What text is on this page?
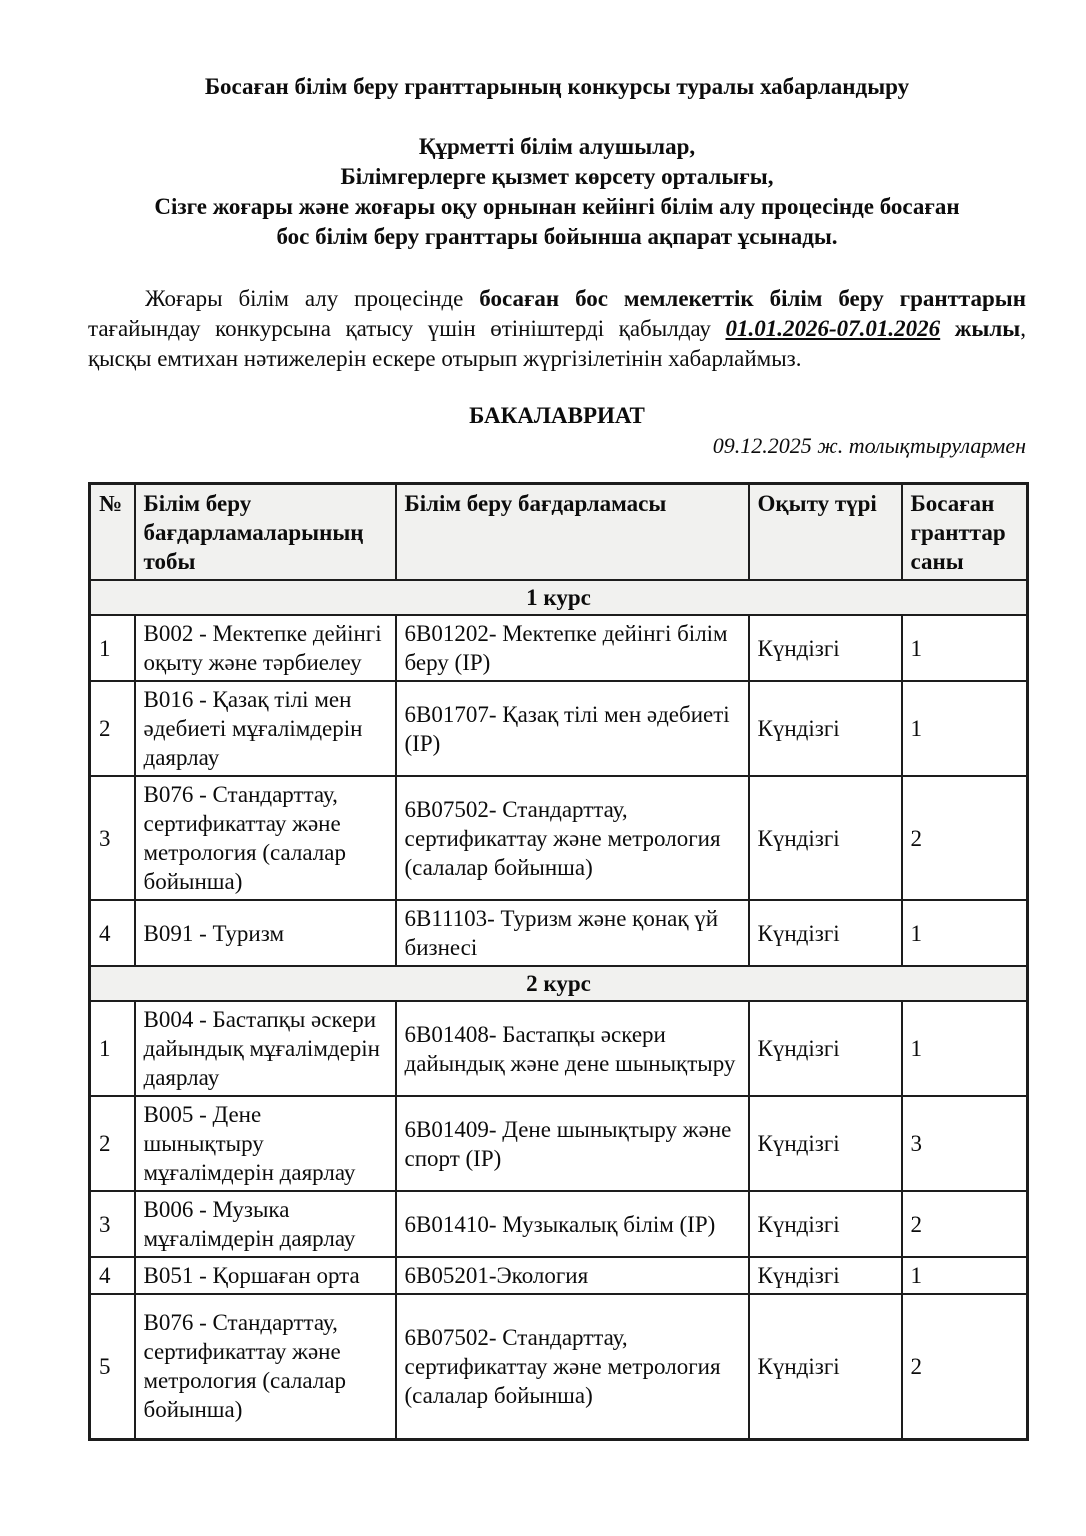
Босаған білім беру гранттарының конкурсы туралы хабарландыру

Құрметті білім алушылар,

Білімгерлерге қызмет көрсету орталығы,

Сізге жоғары және жоғары оқу орнынан кейінгі білім алу процесінде босаған

бос білім беру гранттары бойынша ақпарат ұсынады.

Жоғары білім алу процесінде босаған бос мемлекеттік білім беру гранттарын тағайындау конкурсына қатысу үшін өтініштерді қабылдау 01.01.2026-07.01.2026 жылы, қысқы емтихан нәтижелерін ескере отырып жүргізілетінін хабарлаймыз.

БАКАЛАВРИАТ

09.12.2025 ж. толықтырулармен

№	Білім беру бағдарламаларының тобы	Білім беру бағдарламасы	Оқыту түрі	Босаған гранттар саны
1 курс				
1	В002 - Мектепке дейінгі оқыту және тәрбиелеу	6В01202- Мектепке дейінгі білім беру (ІР)	Күндізгі	1
2	В016 - Қазақ тілі мен әдебиеті мұғалімдерін даярлау	6В01707- Қазақ тілі мен әдебиеті (ІР)	Күндізгі	1
3	В076 - Стандарттау, сертификаттау және метрология (салалар бойынша)	6В07502- Стандарттау, сертификаттау және метрология (салалар бойынша)	Күндізгі	2
4	В091 - Туризм	6В11103- Туризм және қонақ үй бизнесі	Күндізгі	1
2 курс				
1	В004 - Бастапқы әскери дайындық мұғалімдерін даярлау	6В01408- Бастапқы әскери дайындық және дене шынықтыру	Күндізгі	1
2	В005 - Дене шынықтыру мұғалімдерін даярлау	6В01409- Дене шынықтыру және спорт (ІР)	Күндізгі	3
3	В006 - Музыка мұғалімдерін даярлау	6В01410- Музыкалық білім (ІР)	Күндізгі	2
4	В051 - Қоршаған орта	6В05201-Экология	Күндізгі	1
5	В076 - Стандарттау, сертификаттау және метрология (салалар бойынша)	6В07502- Стандарттау, сертификаттау және метрология (салалар бойынша)	Күндізгі	2
